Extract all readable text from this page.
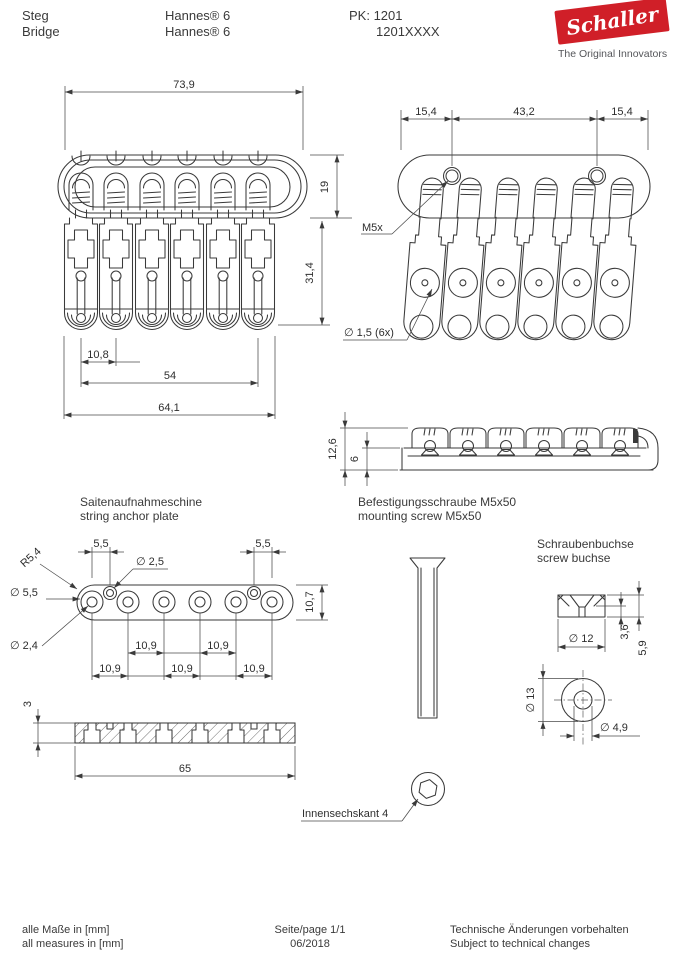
Steg
Bridge
Hannes® 6
Hannes® 6
PK: 1201
1201XXXX	Schaller
The Original Innovators
73,9
19
31,4
10,8
54
64,1
15,4	43,2	15,4
M5x
∅ 1,5 (6x)
12,6 6
5,5	5,5
∅ 2,5
R5,4
∅ 5,5
∅ 2,4
10,7
10,9	10,9
10,9	10,9	10,9
3
65
Innensechskant 4
∅ 12 3,6
5,9
∅ 13
∅ 4,9
Saitenaufnahmeschine
string anchor plate
Befestigungsschraube M5x50
mounting screw M5x50
Schraubenbuchse
screw buchse
alle Maße in [mm]
all measures in [mm]
Seite/page 1/1
06/2018
Technische Änderungen vorbehalten
Subject to technical changes
